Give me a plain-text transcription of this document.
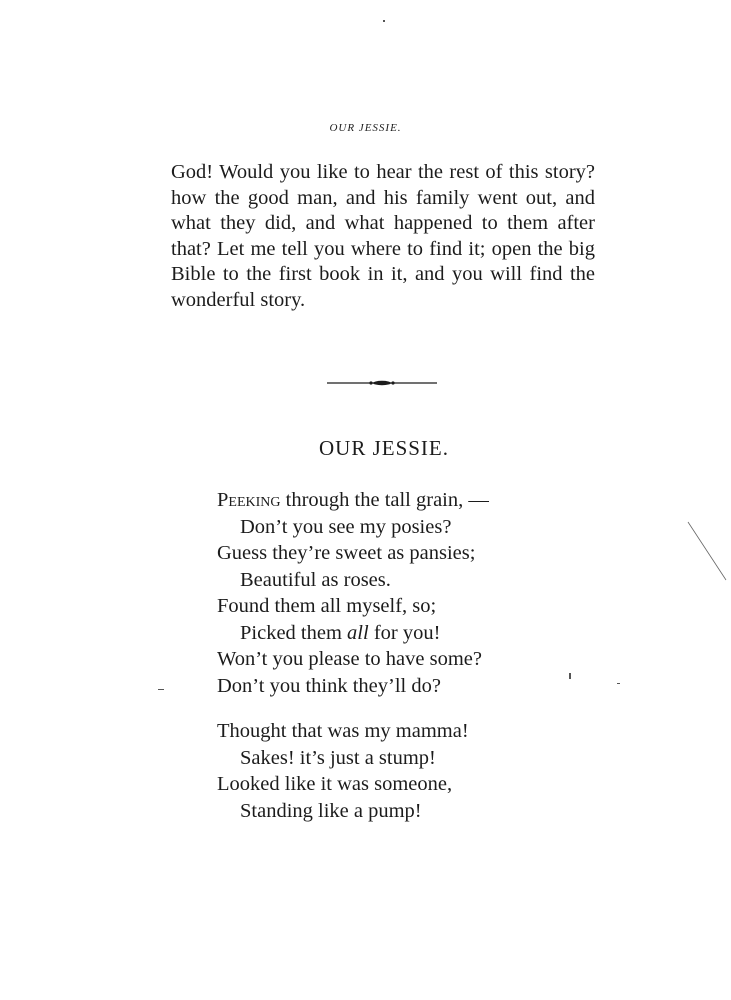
OUR JESSIE.

God! Would you like to hear the rest of this story? how the good man, and his family went out, and what they did, and what happened to them after that? Let me tell you where to find it; open the big Bible to the first book in it, and you will find the wonderful story.

OUR JESSIE.
Peeking through the tall grain, —
Don’t you see my posies?
Guess they’re sweet as pansies;
Beautiful as roses.
Found them all myself, so;
Picked them all for you!
Won’t you please to have some?
Don’t you think they’ll do?
Thought that was my mamma!
Sakes! it’s just a stump!
Looked like it was someone,
Standing like a pump!
